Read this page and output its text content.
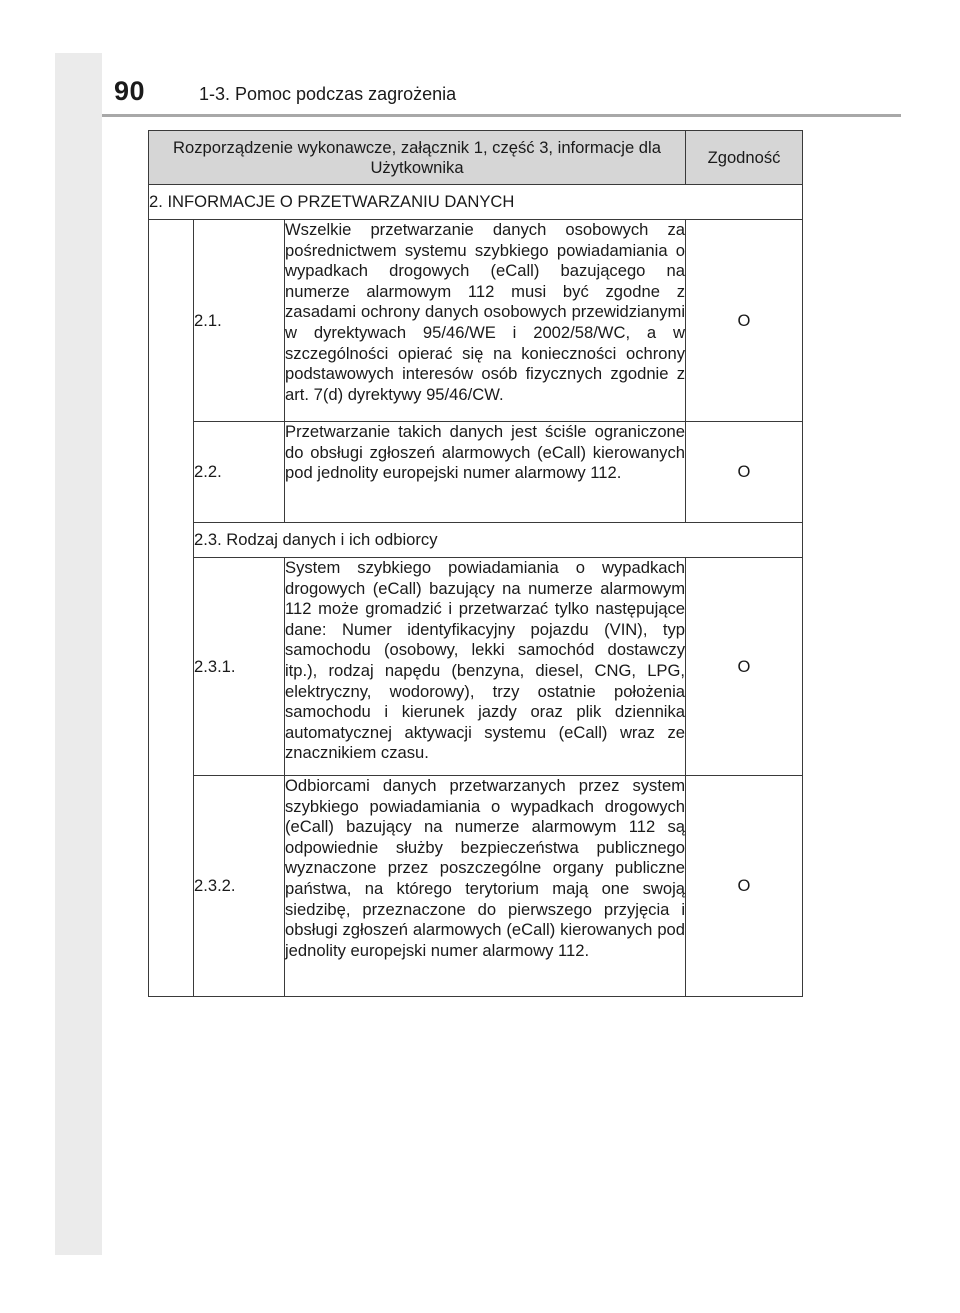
90	1-3. Pomoc podczas zagrożenia
Rozporządzenie wykonawcze, załącznik 1, część 3, informacje dla Użytkownika			Zgodność
2. INFORMACJE O PRZETWARZANIU DANYCH			
	2.1.	Wszelkie przetwarzanie danych osobowych za pośrednictwem systemu szybkiego powiadamiania o wypadkach drogowych (eCall) bazującego na numerze alarmowym 112 musi być zgodne z zasadami ochrony danych osobowych przewidzianymi w dyrektywach 95/46/WE i 2002/58/WC, a w szczególności opierać się na konieczności ochrony podstawowych interesów osób fizycznych zgodnie z art. 7(d) dyrektywy 95/46/CW.	O
	2.2.	Przetwarzanie takich danych jest ściśle ograniczone do obsługi zgłoszeń alarmowych (eCall) kierowanych pod jednolity europejski numer alarmowy 112.	O
	2.3. Rodzaj danych i ich odbiorcy		
	2.3.1.	System szybkiego powiadamiania o wypadkach drogowych (eCall) bazujący na numerze alarmowym 112 może gromadzić i przetwarzać tylko następujące dane: Numer identyfikacyjny pojazdu (VIN), typ samochodu (osobowy, lekki samochód dostawczy itp.), rodzaj napędu (benzyna, diesel, CNG, LPG, elektryczny, wodorowy), trzy ostatnie położenia samochodu i kierunek jazdy oraz plik dziennika automatycznej aktywacji systemu (eCall) wraz ze znacznikiem czasu.	O
	2.3.2.	Odbiorcami danych przetwarzanych przez system szybkiego powiadamiania o wypadkach drogowych (eCall) bazujący na numerze alarmowym 112 są odpowiednie służby bezpieczeństwa publicznego wyznaczone przez poszczególne organy publiczne państwa, na którego terytorium mają one swoją siedzibę, przeznaczone do pierwszego przyjęcia i obsługi zgłoszeń alarmowych (eCall) kierowanych pod jednolity europejski numer alarmowy 112.	O
